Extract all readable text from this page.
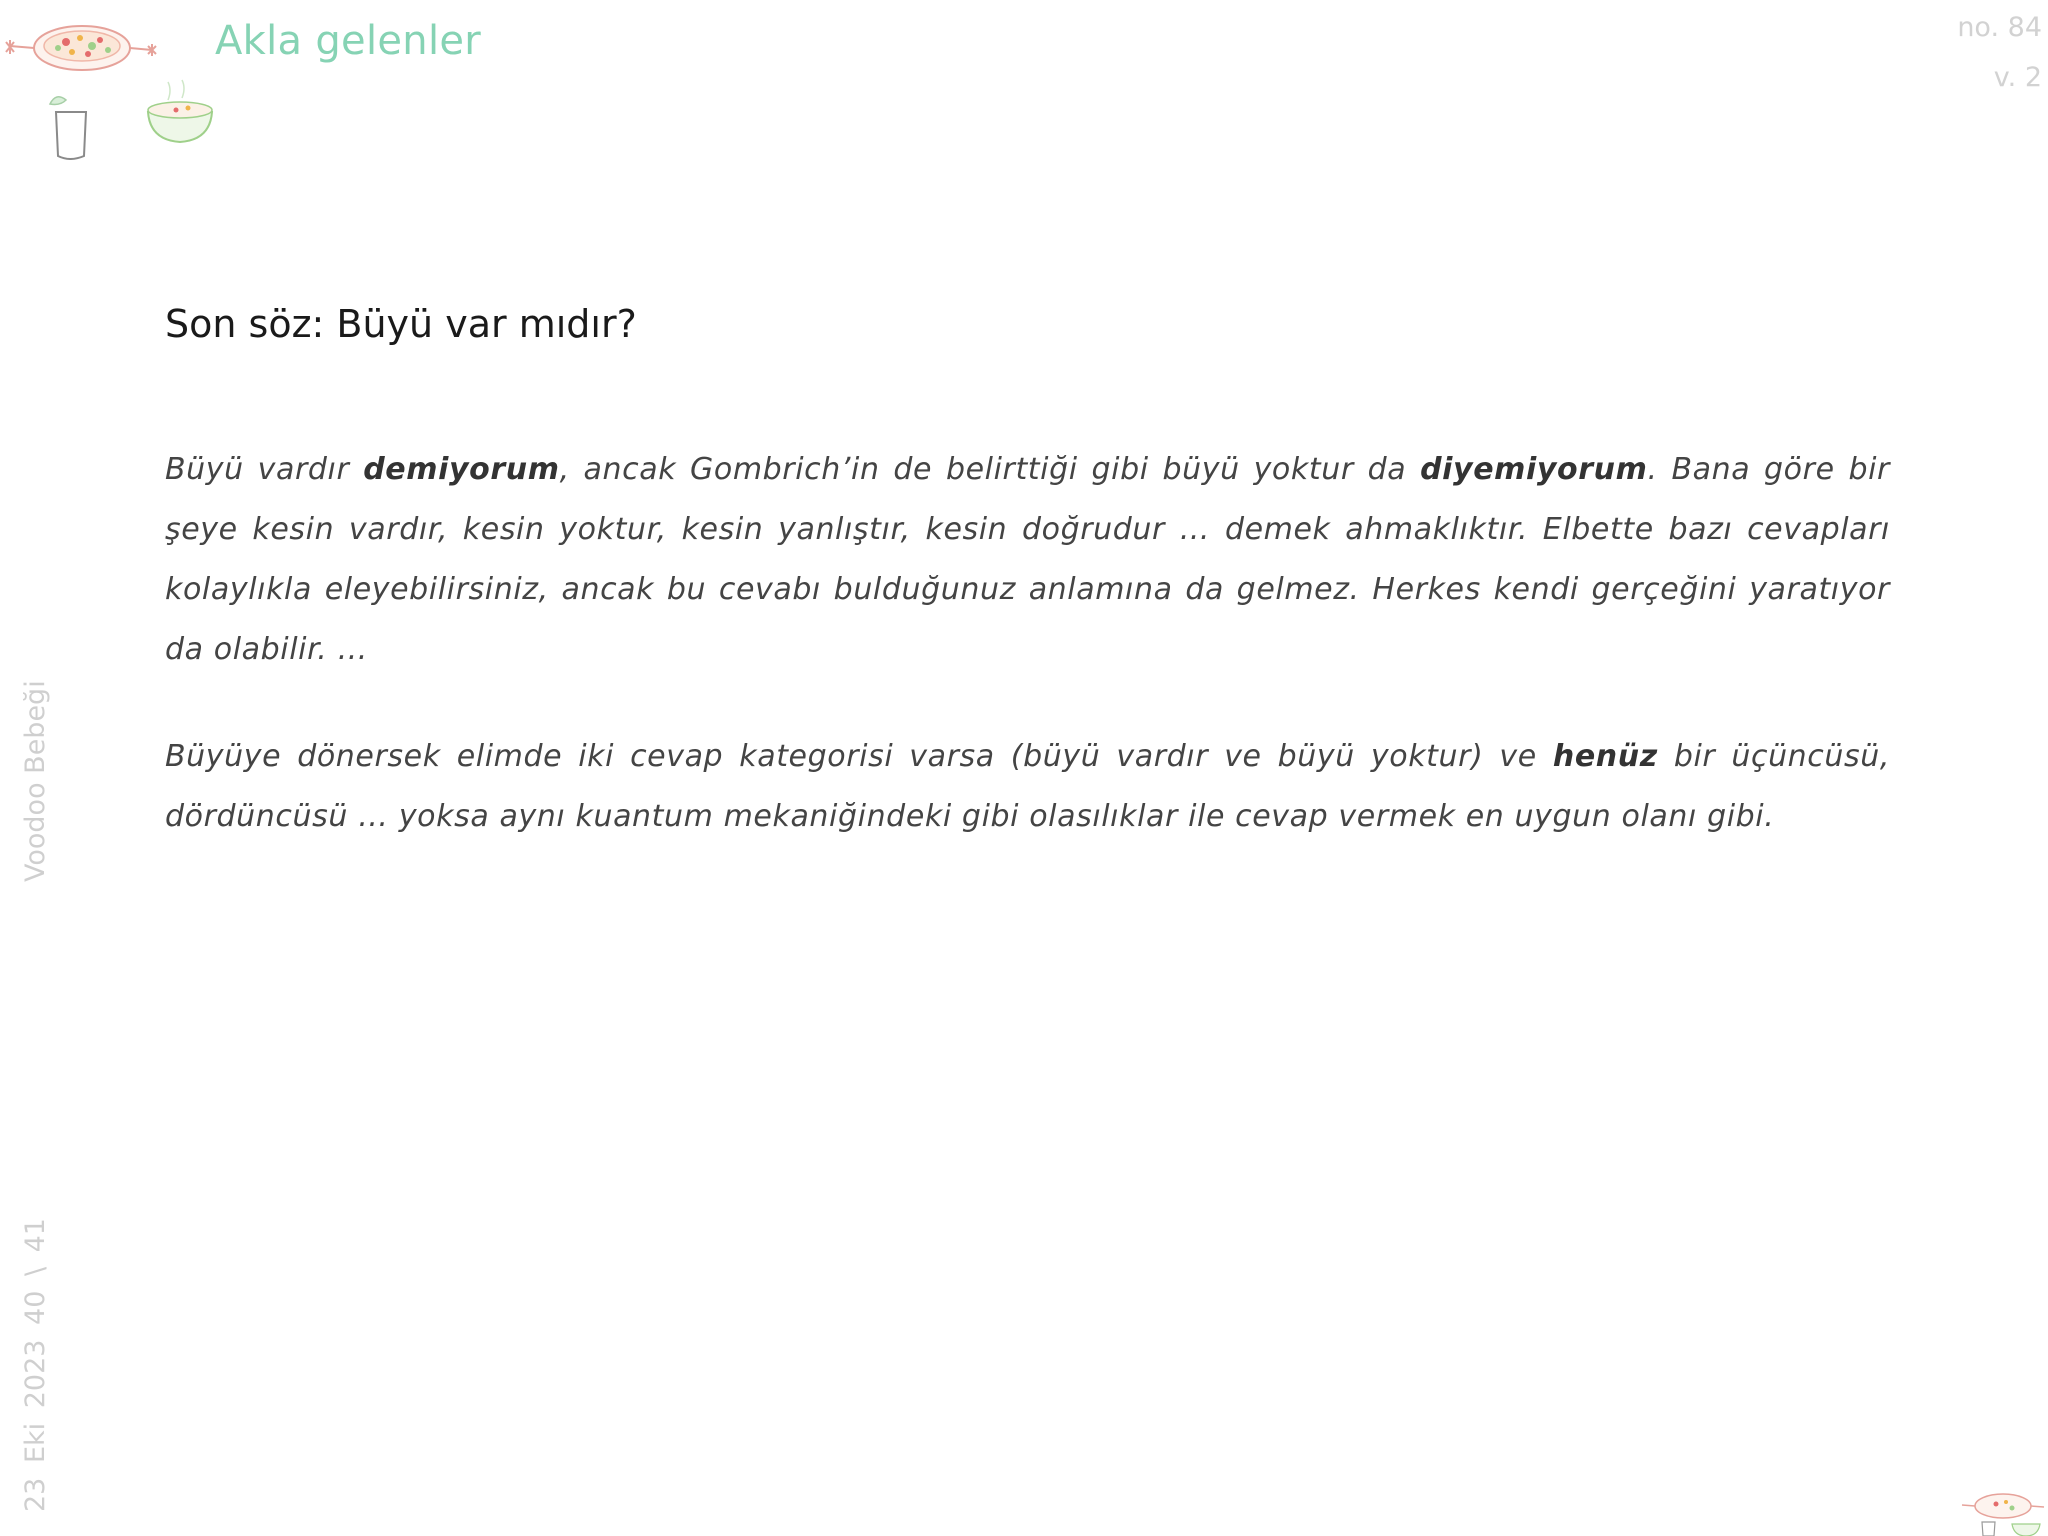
Akla gelenler	no. 84
v. 2
Voodoo Bebeği
23 Eki 2023 40 \ 41
Son söz: Büyü var mıdır?

Büyü vardır demiyorum, ancak Gombrich’in de belirttiği gibi büyü yoktur da diyemiyorum. Bana göre bir şeye kesin vardır, kesin yoktur, kesin yanlıştır, kesin doğrudur … demek ahmaklıktır. Elbette bazı cevapları kolaylıkla eleyebilirsiniz, ancak bu cevabı bulduğunuz anlamına da gelmez. Herkes kendi gerçeğini yaratıyor da olabilir. …

Büyüye dönersek elimde iki cevap kategorisi varsa (büyü vardır ve büyü yoktur) ve henüz bir üçüncüsü, dördüncüsü … yoksa aynı kuantum mekaniğindeki gibi olasılıklar ile cevap vermek en uygun olanı gibi.
